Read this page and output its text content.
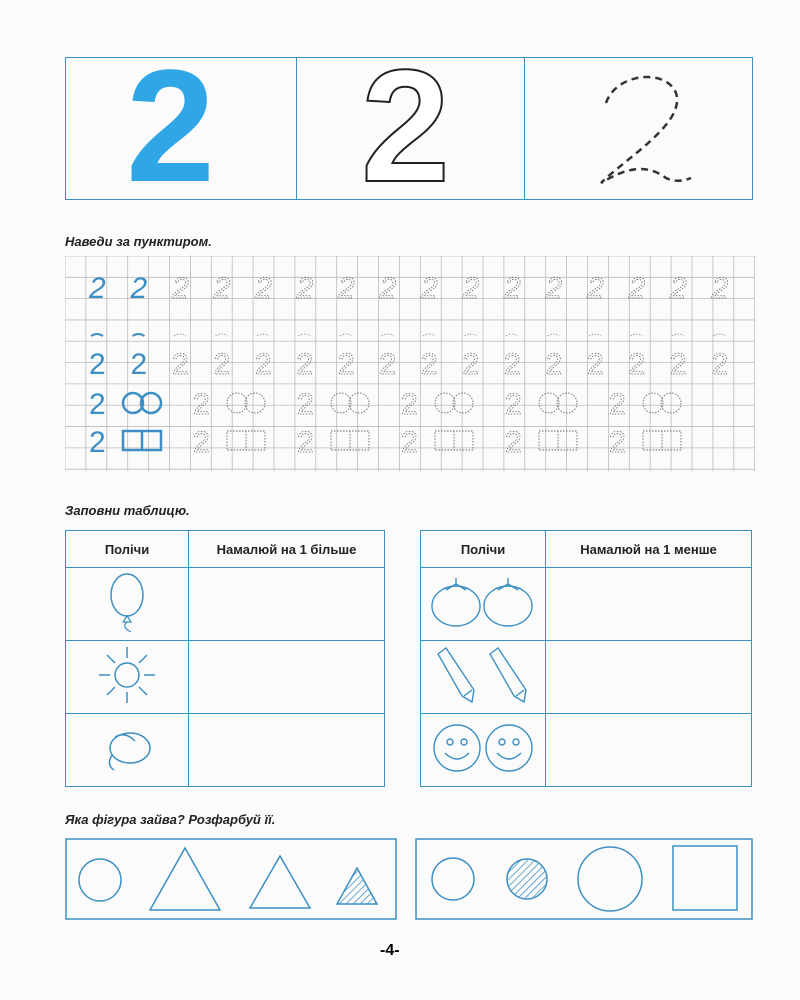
2 2
Наведи за пунктиром.
2
2
2
2
2
2
2
2
2
2
2
2
2
2
2
2
2
2
2
2
2
2
2
2
2
2
2
2
2
2
2
2
2
2
2
2
2
2
2
2
2
2
2
2
Заповни таблицю.
Полічи	Намалюй на 1 більше

		Полічи	Намалюй на 1 менше

Яка фігура зайва? Розфарбуй її.
-4-
